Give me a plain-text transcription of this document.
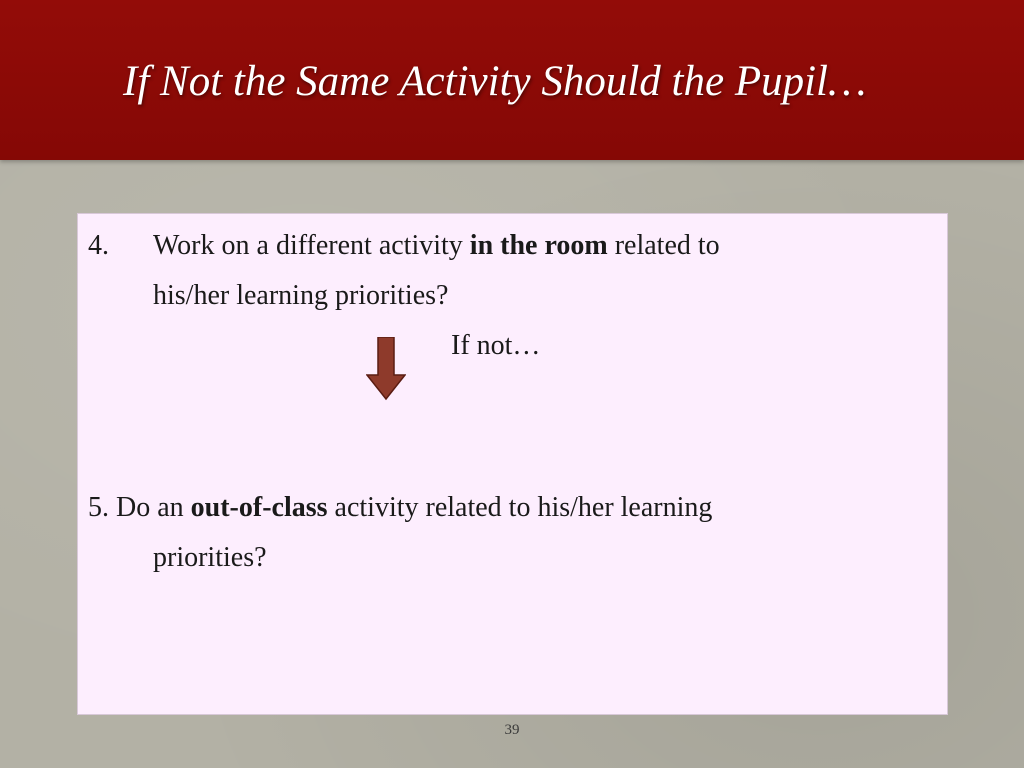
If Not the Same Activity Should the Pupil…

4. Work on a different activity in the room related to

his/her learning priorities?

If not…

5. Do an out-of-class activity related to his/her learning

priorities?

39
